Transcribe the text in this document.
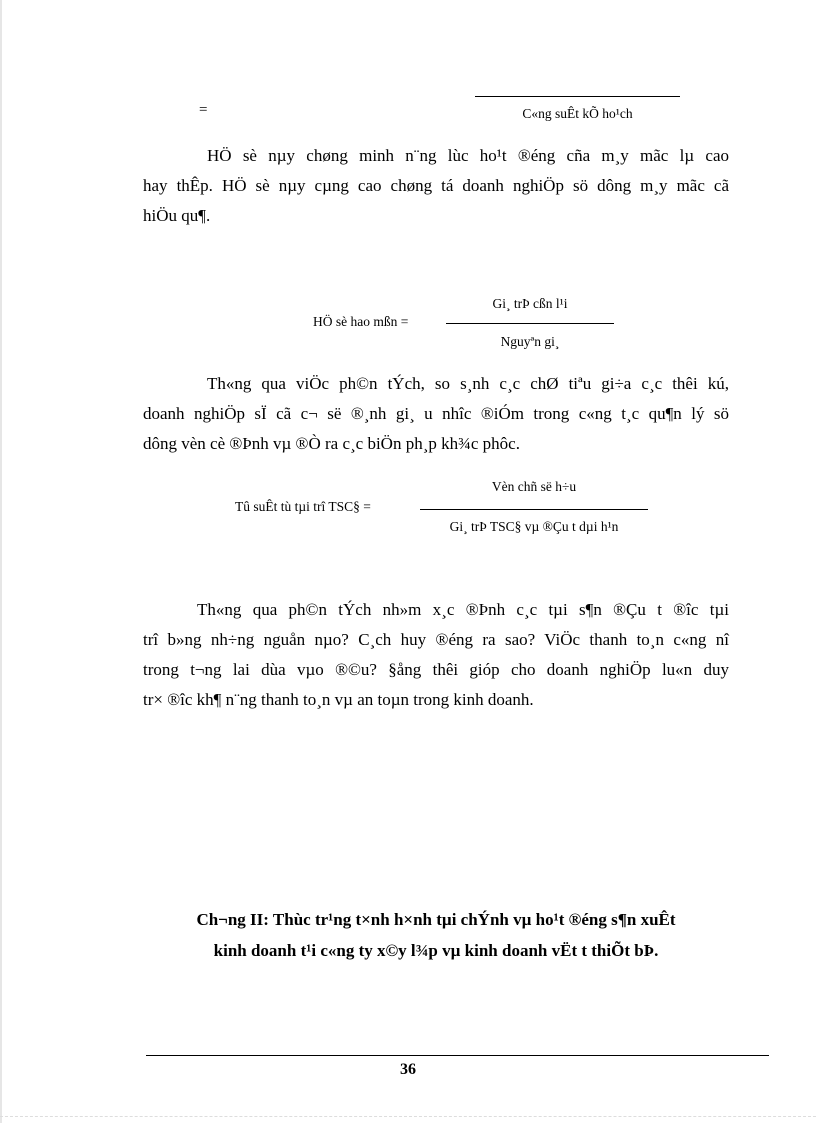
=	C«ng suÊt kÕ ho¹ch
HÖ sè nµy chøng minh n¨ng lùc ho¹t ®éng cña m¸y mãc lµ cao
hay thÊp. HÖ sè nµy cµng cao chøng tá doanh nghiÖp sö dông m¸y mãc cã
hiÖu qu¶.
HÖ sè hao mßn =
Gi¸ trÞ cßn l¹i
Nguyªn gi¸
Th«ng qua viÖc ph©n tÝch, so s¸nh c¸c chØ tiªu gi÷a c¸c thêi kú,
doanh nghiÖp sÏ cã c¬ së ®¸nh gi¸ u nhîc ®iÓm trong c«ng t¸c qu¶n lý sö
dông vèn cè ®Þnh vµ ®Ò ra c¸c biÖn ph¸p kh¾c phôc.
Tû suÊt tù tµi trî TSC§ =
Vèn chñ së h÷u
Gi¸ trÞ TSC§ vµ ®Çu t dµi h¹n
Th«ng qua ph©n tÝch nh»m x¸c ®Þnh c¸c tµi s¶n ®Çu t ®îc tµi
trî b»ng nh÷ng nguån nµo? C¸ch huy ®éng ra sao? ViÖc thanh to¸n c«ng nî
trong t¬ng lai dùa vµo ®©u? §ång thêi gióp cho doanh nghiÖp lu«n duy
tr× ®îc kh¶ n¨ng thanh to¸n vµ an toµn trong kinh doanh.
Ch¬ng II: Thùc tr¹ng t×nh h×nh tµi chÝnh vµ ho¹t ®éng s¶n xuÊt
kinh doanh t¹i c«ng ty x©y l¾p vµ kinh doanh vËt t thiÕt bÞ.
36
